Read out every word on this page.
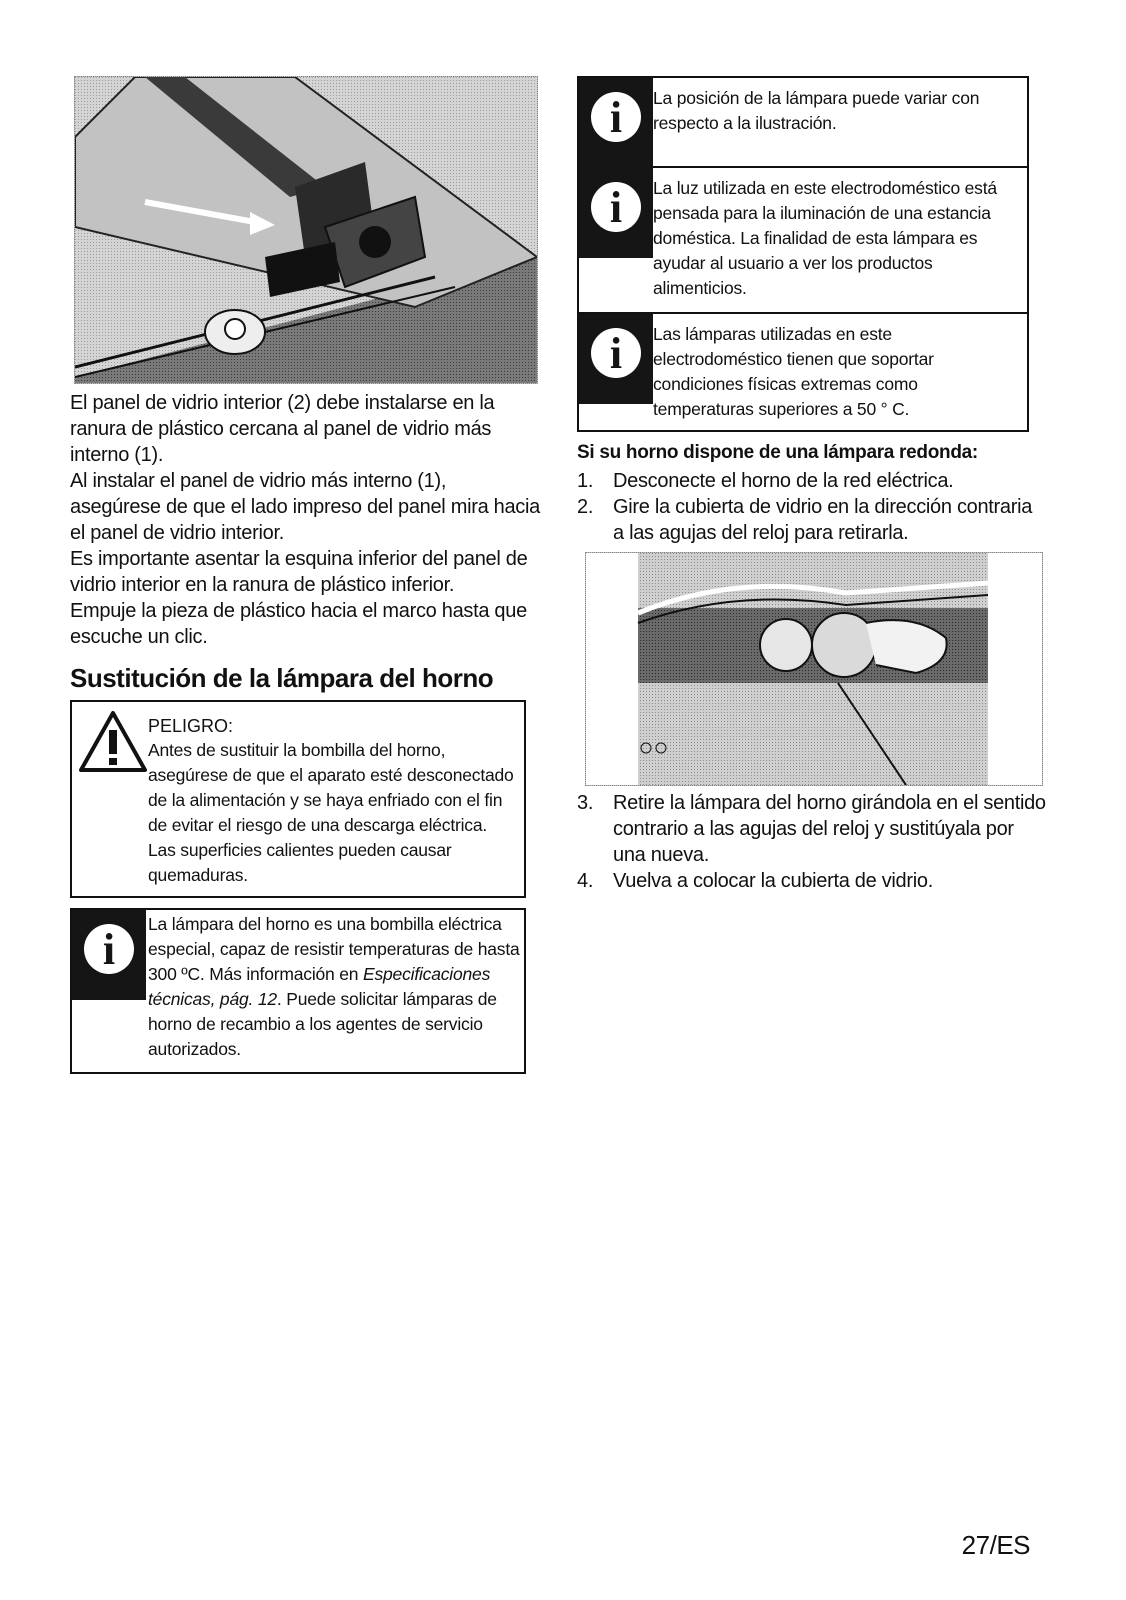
El panel de vidrio interior (2) debe instalarse en la ranura de plástico cercana al panel de vidrio más interno (1).

Al instalar el panel de vidrio más interno (1), asegúrese de que el lado impreso del panel mira hacia el panel de vidrio interior.

Es importante asentar la esquina inferior del panel de vidrio interior en la ranura de plástico inferior.

Empuje la pieza de plástico hacia el marco hasta que escuche un clic.

Sustitución de la lámpara del horno
PELIGRO:
Antes de sustituir la bombilla del horno, asegúrese de que el aparato esté desconectado de la alimentación y se haya enfriado con el fin de evitar el riesgo de una descarga eléctrica.
Las superficies calientes pueden causar quemaduras.
i
La lámpara del horno es una bombilla eléctrica especial, capaz de resistir temperaturas de hasta 300 ºC. Más información en Especificaciones técnicas, pág. 12. Puede solicitar lámparas de horno de recambio a los agentes de servicio autorizados.
i	La posición de la lámpara puede variar con respecto a la ilustración.
i	La luz utilizada en este electrodoméstico está pensada para la iluminación de una estancia doméstica. La finalidad de esta lámpara es ayudar al usuario a ver los productos alimenticios.
i	Las lámparas utilizadas en este electrodoméstico tienen que soportar condiciones físicas extremas como temperaturas superiores a 50 ° C.
Si su horno dispone de una lámpara redonda:
1. Desconecte el horno de la red eléctrica.
2. Gire la cubierta de vidrio en la dirección contraria a las agujas del reloj para retirarla.
3. Retire la lámpara del horno girándola en el sentido contrario a las agujas del reloj y sustitúyala por una nueva.
4. Vuelva a colocar la cubierta de vidrio.
27/ES
